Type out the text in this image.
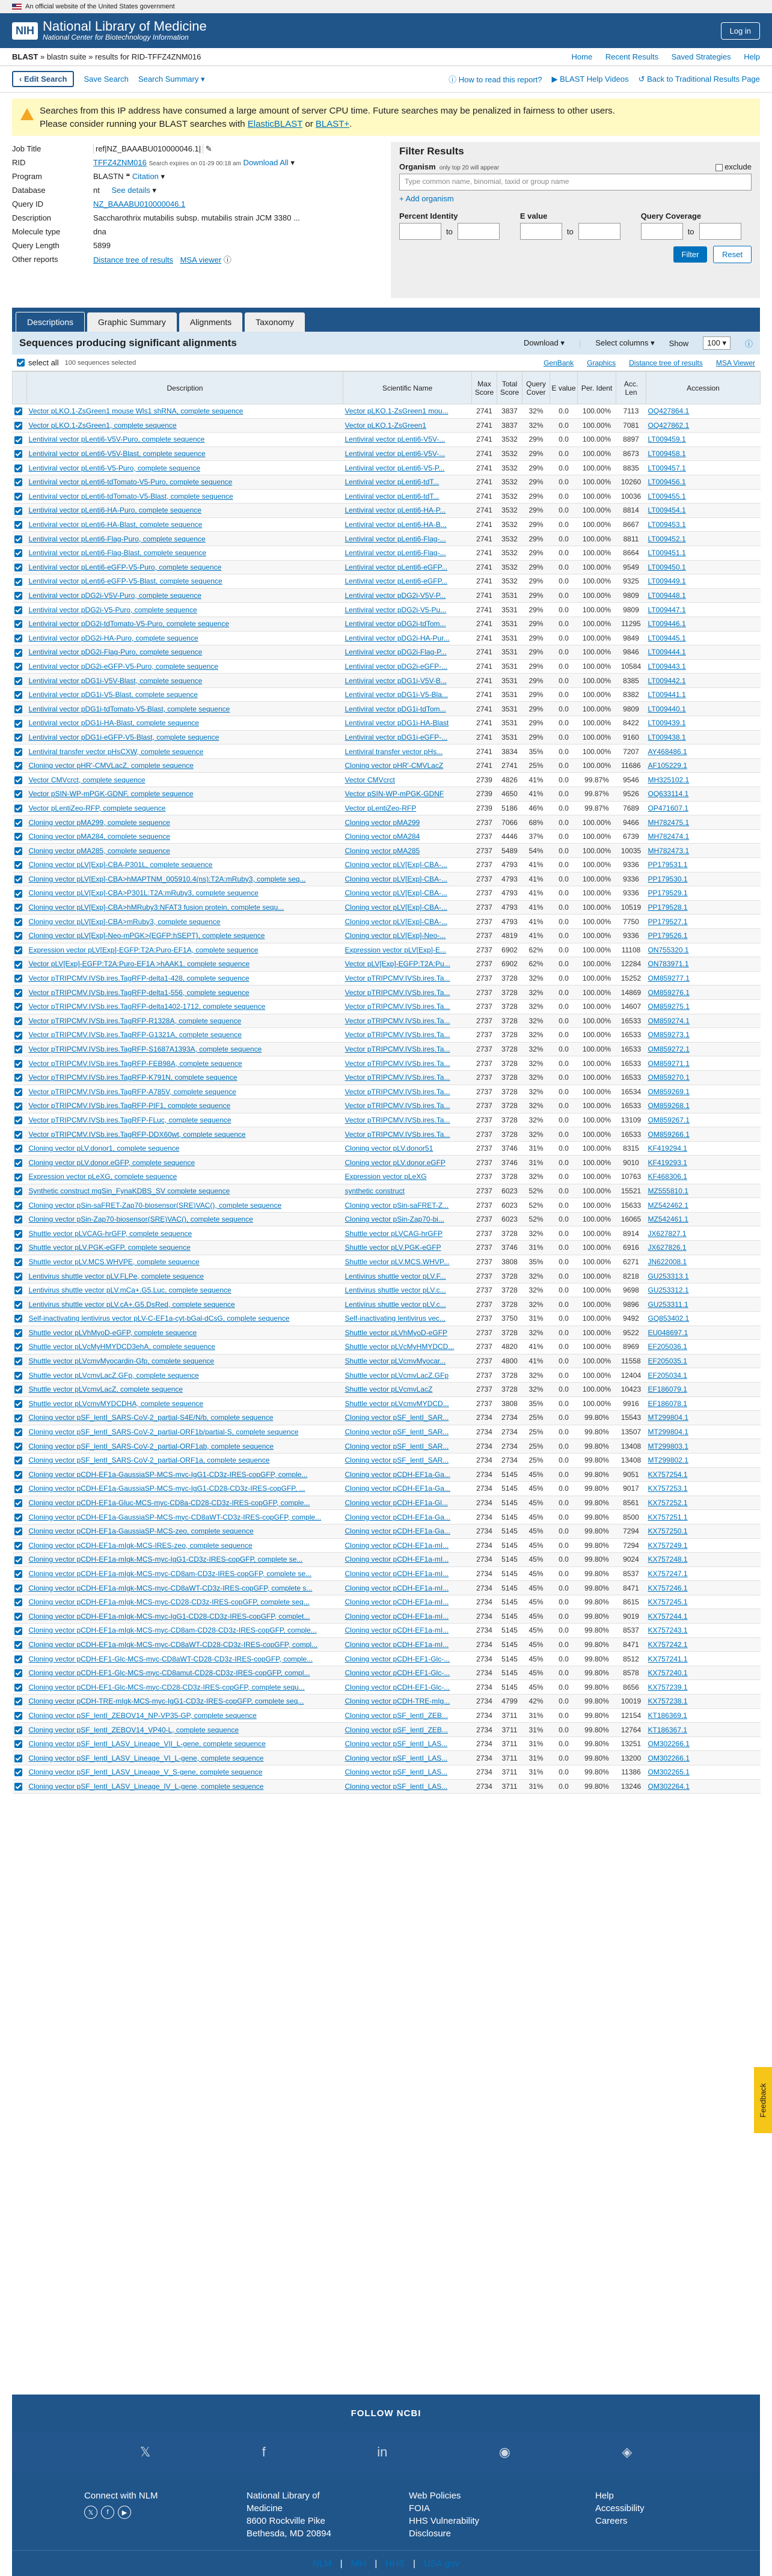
An official website of the United States government
NIH National Library of Medicine
National Center for Biotechnology Information
Log in
BLAST » blastn suite » results for RID-TFFZ4ZNM016	Home Recent Results Saved Strategies Help
‹ Edit Search	Save Search Search Summary ▾	ⓘ How to read this report? ▶ BLAST Help Videos ↺ Back to Traditional Results Page
Searches from this IP address have consumed a large amount of server CPU time. Future searches may be penalized in fairness to other users.
Please consider running your BLAST searches with ElasticBLAST or BLAST+.
Job Title	ref|NZ_BAAABU010000046.1| ✎
RID	TFFZ4ZNM016 Search expires on 01-29 00:18 am Download All ▾
Program	BLASTN ❝ Citation ▾
Database	nt See details ▾
Query ID	NZ_BAAABU010000046.1
Description	Saccharothrix mutabilis subsp. mutabilis strain JCM 3380 ...
Molecule type	dna
Query Length	5899
Other reports	Distance tree of results MSA viewer ⓘ
Filter Results
Organism only top 20 will appear	exclude
Type common name, binomial, taxid or group name
+ Add organism
Percent Identity
to
E value
to
Query Coverage
to
Filter	Reset
Descriptions	Graphic Summary	Alignments	Taxonomy
Sequences producing significant alignments	Download ▾ | Select columns ▾ Show	100 ▾	ⓘ
select all 100 sequences selected	GenBank Graphics Distance tree of results MSA Viewer
	Description	Scientific Name	Max Score	Total Score	Query Cover	E value	Per. Ident	Acc. Len	Accession
	Vector pLKO.1-ZsGreen1 mouse Wls1 shRNA, complete sequence	Vector pLKO.1-ZsGreen1 mou...	2741	3837	32%	0.0	100.00%	7113	OQ427864.1
	Vector pLKO.1-ZsGreen1, complete sequence	Vector pLKO.1-ZsGreen1	2741	3837	32%	0.0	100.00%	7081	OQ427862.1
	Lentiviral vector pLenti6-V5V-Puro, complete sequence	Lentiviral vector pLenti6-V5V-...	2741	3532	29%	0.0	100.00%	8897	LT009459.1
	Lentiviral vector pLenti6-V5V-Blast, complete sequence	Lentiviral vector pLenti6-V5V-...	2741	3532	29%	0.0	100.00%	8673	LT009458.1
	Lentiviral vector pLenti6-V5-Puro, complete sequence	Lentiviral vector pLenti6-V5-P...	2741	3532	29%	0.0	100.00%	8835	LT009457.1
	Lentiviral vector pLenti6-tdTomato-V5-Puro, complete sequence	Lentiviral vector pLenti6-tdT...	2741	3532	29%	0.0	100.00%	10260	LT009456.1
	Lentiviral vector pLenti6-tdTomato-V5-Blast, complete sequence	Lentiviral vector pLenti6-tdT...	2741	3532	29%	0.0	100.00%	10036	LT009455.1
	Lentiviral vector pLenti6-HA-Puro, complete sequence	Lentiviral vector pLenti6-HA-P...	2741	3532	29%	0.0	100.00%	8814	LT009454.1
	Lentiviral vector pLenti6-HA-Blast, complete sequence	Lentiviral vector pLenti6-HA-B...	2741	3532	29%	0.0	100.00%	8667	LT009453.1
	Lentiviral vector pLenti6-Flag-Puro, complete sequence	Lentiviral vector pLenti6-Flag-...	2741	3532	29%	0.0	100.00%	8811	LT009452.1
	Lentiviral vector pLenti6-Flag-Blast, complete sequence	Lentiviral vector pLenti6-Flag-...	2741	3532	29%	0.0	100.00%	8664	LT009451.1
	Lentiviral vector pLenti6-eGFP-V5-Puro, complete sequence	Lentiviral vector pLenti6-eGFP...	2741	3532	29%	0.0	100.00%	9549	LT009450.1
	Lentiviral vector pLenti6-eGFP-V5-Blast, complete sequence	Lentiviral vector pLenti6-eGFP...	2741	3532	29%	0.0	100.00%	9325	LT009449.1
	Lentiviral vector pDG2i-V5V-Puro, complete sequence	Lentiviral vector pDG2i-V5V-P...	2741	3531	29%	0.0	100.00%	9809	LT009448.1
	Lentiviral vector pDG2i-V5-Puro, complete sequence	Lentiviral vector pDG2i-V5-Pu...	2741	3531	29%	0.0	100.00%	9809	LT009447.1
	Lentiviral vector pDG2i-tdTomato-V5-Puro, complete sequence	Lentiviral vector pDG2i-tdTom...	2741	3531	29%	0.0	100.00%	11295	LT009446.1
	Lentiviral vector pDG2i-HA-Puro, complete sequence	Lentiviral vector pDG2i-HA-Pur...	2741	3531	29%	0.0	100.00%	9849	LT009445.1
	Lentiviral vector pDG2i-Flag-Puro, complete sequence	Lentiviral vector pDG2i-Flag-P...	2741	3531	29%	0.0	100.00%	9846	LT009444.1
	Lentiviral vector pDG2i-eGFP-V5-Puro, complete sequence	Lentiviral vector pDG2i-eGFP-...	2741	3531	29%	0.0	100.00%	10584	LT009443.1
	Lentiviral vector pDG1i-V5V-Blast, complete sequence	Lentiviral vector pDG1i-V5V-B...	2741	3531	29%	0.0	100.00%	8385	LT009442.1
	Lentiviral vector pDG1i-V5-Blast, complete sequence	Lentiviral vector pDG1i-V5-Bla...	2741	3531	29%	0.0	100.00%	8382	LT009441.1
	Lentiviral vector pDG1i-tdTomato-V5-Blast, complete sequence	Lentiviral vector pDG1i-tdTom...	2741	3531	29%	0.0	100.00%	9809	LT009440.1
	Lentiviral vector pDG1i-HA-Blast, complete sequence	Lentiviral vector pDG1i-HA-Blast	2741	3531	29%	0.0	100.00%	8422	LT009439.1
	Lentiviral vector pDG1i-eGFP-V5-Blast, complete sequence	Lentiviral vector pDG1i-eGFP-...	2741	3531	29%	0.0	100.00%	9160	LT009438.1
	Lentiviral transfer vector pHsCXW, complete sequence	Lentiviral transfer vector pHs...	2741	3834	35%	0.0	100.00%	7207	AY468486.1
	Cloning vector pHR'-CMVLacZ, complete sequence	Cloning vector pHR'-CMVLacZ	2741	2741	25%	0.0	100.00%	11686	AF105229.1
	Vector CMVcrct, complete sequence	Vector CMVcrct	2739	4826	41%	0.0	99.87%	9546	MH325102.1
	Vector pSIN-WP-mPGK-GDNF, complete sequence	Vector pSIN-WP-mPGK-GDNF	2739	4650	41%	0.0	99.87%	9526	OQ633114.1
	Vector pLentiZeo-RFP, complete sequence	Vector pLentiZeo-RFP	2739	5186	46%	0.0	99.87%	7689	OP471607.1
	Cloning vector pMA299, complete sequence	Cloning vector pMA299	2737	7066	68%	0.0	100.00%	9466	MH782475.1
	Cloning vector pMA284, complete sequence	Cloning vector pMA284	2737	4446	37%	0.0	100.00%	6739	MH782474.1
	Cloning vector pMA285, complete sequence	Cloning vector pMA285	2737	5489	54%	0.0	100.00%	10035	MH782473.1
	Cloning vector pLV[Exp]-CBA-P301L, complete sequence	Cloning vector pLV[Exp]-CBA-...	2737	4793	41%	0.0	100.00%	9336	PP179531.1
	Cloning vector pLV[Exp]-CBA>hMAPTNM_005910.4(ns):T2A:mRuby3, complete seq...	Cloning vector pLV[Exp]-CBA-...	2737	4793	41%	0.0	100.00%	9336	PP179530.1
	Cloning vector pLV[Exp]-CBA>P301L:T2A:mRuby3, complete sequence	Cloning vector pLV[Exp]-CBA-...	2737	4793	41%	0.0	100.00%	9336	PP179529.1
	Cloning vector pLV[Exp]-CBA>hMRuby3:NFAT3 fusion protein, complete sequ...	Cloning vector pLV[Exp]-CBA-...	2737	4793	41%	0.0	100.00%	10519	PP179528.1
	Cloning vector pLV[Exp]-CBA>mRuby3, complete sequence	Cloning vector pLV[Exp]-CBA-...	2737	4793	41%	0.0	100.00%	7750	PP179527.1
	Cloning vector pLV[Exp]-Neo-mPGK>{EGFP:hSEPT}, complete sequence	Cloning vector pLV[Exp]-Neo-...	2737	4819	41%	0.0	100.00%	9336	PP179526.1
	Expression vector pLV[Exp]-EGFP:T2A:Puro-EF1A, complete sequence	Expression vector pLV[Exp]-E...	2737	6902	62%	0.0	100.00%	11108	ON755320.1
	Vector pLV[Exp]-EGFP:T2A:Puro-EF1A >hAAK1, complete sequence	Vector pLV[Exp]-EGFP:T2A:Pu...	2737	6902	62%	0.0	100.00%	12284	ON783971.1
	Vector pTRIPCMV.IVSb.ires.TagRFP-delta1-428, complete sequence	Vector pTRIPCMV.IVSb.ires.Ta...	2737	3728	32%	0.0	100.00%	15252	OM859277.1
	Vector pTRIPCMV.IVSb.ires.TagRFP-delta1-556, complete sequence	Vector pTRIPCMV.IVSb.ires.Ta...	2737	3728	32%	0.0	100.00%	14869	OM859276.1
	Vector pTRIPCMV.IVSb.ires.TagRFP-delta1402-1712, complete sequence	Vector pTRIPCMV.IVSb.ires.Ta...	2737	3728	32%	0.0	100.00%	14607	OM859275.1
	Vector pTRIPCMV.IVSb.ires.TagRFP-R1328A, complete sequence	Vector pTRIPCMV.IVSb.ires.Ta...	2737	3728	32%	0.0	100.00%	16533	OM859274.1
	Vector pTRIPCMV.IVSb.ires.TagRFP-G1321A, complete sequence	Vector pTRIPCMV.IVSb.ires.Ta...	2737	3728	32%	0.0	100.00%	16533	OM859273.1
	Vector pTRIPCMV.IVSb.ires.TagRFP-S1687A1393A, complete sequence	Vector pTRIPCMV.IVSb.ires.Ta...	2737	3728	32%	0.0	100.00%	16533	OM859272.1
	Vector pTRIPCMV.IVSb.ires.TagRFP-FEB98A, complete sequence	Vector pTRIPCMV.IVSb.ires.Ta...	2737	3728	32%	0.0	100.00%	16533	OM859271.1
	Vector pTRIPCMV.IVSb.ires.TagRFP-K791N, complete sequence	Vector pTRIPCMV.IVSb.ires.Ta...	2737	3728	32%	0.0	100.00%	16533	OM859270.1
	Vector pTRIPCMV.IVSb.ires.TagRFP-A785V, complete sequence	Vector pTRIPCMV.IVSb.ires.Ta...	2737	3728	32%	0.0	100.00%	16534	OM859269.1
	Vector pTRIPCMV.IVSb.ires.TagRFP-PIF1, complete sequence	Vector pTRIPCMV.IVSb.ires.Ta...	2737	3728	32%	0.0	100.00%	16533	OM859268.1
	Vector pTRIPCMV.IVSb.ires.TagRFP-FLuc, complete sequence	Vector pTRIPCMV.IVSb.ires.Ta...	2737	3728	32%	0.0	100.00%	13109	OM859267.1
	Vector pTRIPCMV.IVSb.ires.TagRFP-DDX60wt, complete sequence	Vector pTRIPCMV.IVSb.ires.Ta...	2737	3728	32%	0.0	100.00%	16533	OM859266.1
	Cloning vector pLV.donor1, complete sequence	Cloning vector pLV.donor51	2737	3746	31%	0.0	100.00%	8315	KF419294.1
	Cloning vector pLV.donor.eGFP, complete sequence	Cloning vector pLV.donor.eGFP	2737	3746	31%	0.0	100.00%	9010	KF419293.1
	Expression vector pLeXG, complete sequence	Expression vector pLeXG	2737	3728	32%	0.0	100.00%	10763	KF468306.1
	Synthetic construct mgSin_FynaKDBS_SV complete sequence	synthetic construct	2737	6023	52%	0.0	100.00%	15521	MZ555810.1
	Cloning vector pSin-saFRET-Zap70-biosensor(SRE)VAC(), complete sequence	Cloning vector pSin-saFRET-Z...	2737	6023	52%	0.0	100.00%	15633	MZ542462.1
	Cloning vector pSin-Zap70-biosensor(SRE)VAC(), complete sequence	Cloning vector pSin-Zap70-bi...	2737	6023	52%	0.0	100.00%	16065	MZ542461.1
	Shuttle vector pLVCAG-hrGFP, complete sequence	Shuttle vector pLVCAG-hrGFP	2737	3728	32%	0.0	100.00%	8914	JX627827.1
	Shuttle vector pLV.PGK-eGFP, complete sequence	Shuttle vector pLV.PGK-eGFP	2737	3746	31%	0.0	100.00%	6916	JX627826.1
	Shuttle vector pLV.MCS.WHVPE, complete sequence	Shuttle vector pLV.MCS.WHVP...	2737	3808	35%	0.0	100.00%	6271	JN622008.1
	Lentivirus shuttle vector pLV.FLPe, complete sequence	Lentivirus shuttle vector pLV.F...	2737	3728	32%	0.0	100.00%	8218	GU253313.1
	Lentivirus shuttle vector pLV.mCa+.G5.Luc, complete sequence	Lentivirus shuttle vector pLV.c...	2737	3728	32%	0.0	100.00%	9698	GU253312.1
	Lentivirus shuttle vector pLV.cA+.G5.DsRed, complete sequence	Lentivirus shuttle vector pLV.c...	2737	3728	32%	0.0	100.00%	9896	GU253311.1
	Self-inactivating lentivirus vector pLV-C-EF1a-cyt-bGal-dCsG, complete sequence	Self-inactivating lentivirus vec...	2737	3750	31%	0.0	100.00%	9492	GQ853402.1
	Shuttle vector pLVhMyoD-eGFP, complete sequence	Shuttle vector pLVhMyoD-eGFP	2737	3728	32%	0.0	100.00%	9522	EU048697.1
	Shuttle vector pLVcMyHMYDCD3ehA, complete sequence	Shuttle vector pLVcMyHMYDCD...	2737	4820	41%	0.0	100.00%	8969	EF205036.1
	Shuttle vector pLVcmvMyocardin-Gfp, complete sequence	Shuttle vector pLVcmvMyocar...	2737	4800	41%	0.0	100.00%	11558	EF205035.1
	Shuttle vector pLVcmvLacZ.GFp, complete sequence	Shuttle vector pLVcmvLacZ.GFp	2737	3728	32%	0.0	100.00%	12404	EF205034.1
	Shuttle vector pLVcmvLacZ, complete sequence	Shuttle vector pLVcmvLacZ	2737	3728	32%	0.0	100.00%	10423	EF186079.1
	Shuttle vector pLVcmvMYDCDHA, complete sequence	Shuttle vector pLVcmvMYDCD...	2737	3808	35%	0.0	100.00%	9916	EF186078.1
	Cloning vector pSF_lentI_SARS-CoV-2_partial-S4E/N/b, complete sequence	Cloning vector pSF_lentI_SAR...	2734	2734	25%	0.0	99.80%	15543	MT299804.1
	Cloning vector pSF_lentI_SARS-CoV-2_partial-ORF1b/partial-S, complete sequence	Cloning vector pSF_lentI_SAR...	2734	2734	25%	0.0	99.80%	13507	MT299804.1
	Cloning vector pSF_lentI_SARS-CoV-2_partial-ORF1ab, complete sequence	Cloning vector pSF_lentI_SAR...	2734	2734	25%	0.0	99.80%	13408	MT299803.1
	Cloning vector pSF_lentI_SARS-CoV-2_partial-ORF1a, complete sequence	Cloning vector pSF_lentI_SAR...	2734	2734	25%	0.0	99.80%	13408	MT299802.1
	Cloning vector pCDH-EF1a-GaussiaSP-MCS-myc-IgG1-CD3z-IRES-copGFP, comple...	Cloning vector pCDH-EF1a-Ga...	2734	5145	45%	0.0	99.80%	9051	KX757254.1
	Cloning vector pCDH-EF1a-GaussiaSP-MCS-myc-IgG1-CD28-CD3z-IRES-copGFP, ...	Cloning vector pCDH-EF1a-Ga...	2734	5145	45%	0.0	99.80%	9017	KX757253.1
	Cloning vector pCDH-EF1a-Gluc-MCS-myc-CD8a-CD28-CD3z-IRES-copGFP, comple...	Cloning vector pCDH-EF1a-Gl...	2734	5145	45%	0.0	99.80%	8561	KX757252.1
	Cloning vector pCDH-EF1a-GaussiaSP-MCS-myc-CD8aWT-CD3z-IRES-copGFP, comple...	Cloning vector pCDH-EF1a-Ga...	2734	5145	45%	0.0	99.80%	8500	KX757251.1
	Cloning vector pCDH-EF1a-GaussiaSP-MCS-zeo, complete sequence	Cloning vector pCDH-EF1a-Ga...	2734	5145	45%	0.0	99.80%	7294	KX757250.1
	Cloning vector pCDH-EF1a-mIgk-MCS-IRES-zeo, complete sequence	Cloning vector pCDH-EF1a-mI...	2734	5145	45%	0.0	99.80%	7294	KX757249.1
	Cloning vector pCDH-EF1a-mIgk-MCS-myc-IgG1-CD3z-IRES-copGFP, complete se...	Cloning vector pCDH-EF1a-mI...	2734	5145	45%	0.0	99.80%	9024	KX757248.1
	Cloning vector pCDH-EF1a-mIgk-MCS-myc-CD8am-CD3z-IRES-copGFP, complete se...	Cloning vector pCDH-EF1a-mI...	2734	5145	45%	0.0	99.80%	8537	KX757247.1
	Cloning vector pCDH-EF1a-mIgk-MCS-myc-CD8aWT-CD3z-IRES-copGFP, complete s...	Cloning vector pCDH-EF1a-mI...	2734	5145	45%	0.0	99.80%	8471	KX757246.1
	Cloning vector pCDH-EF1a-mIgk-MCS-myc-CD28-CD3z-IRES-copGFP, complete seq...	Cloning vector pCDH-EF1a-mI...	2734	5145	45%	0.0	99.80%	8615	KX757245.1
	Cloning vector pCDH-EF1a-mIgk-MCS-myc-IgG1-CD28-CD3z-IRES-copGFP, complet...	Cloning vector pCDH-EF1a-mI...	2734	5145	45%	0.0	99.80%	9019	KX757244.1
	Cloning vector pCDH-EF1a-mIgk-MCS-myc-CD8am-CD28-CD3z-IRES-copGFP, comple...	Cloning vector pCDH-EF1a-mI...	2734	5145	45%	0.0	99.80%	8537	KX757243.1
	Cloning vector pCDH-EF1a-mIgk-MCS-myc-CD8aWT-CD28-CD3z-IRES-copGFP, compl...	Cloning vector pCDH-EF1a-mI...	2734	5145	45%	0.0	99.80%	8471	KX757242.1
	Cloning vector pCDH-EF1-Glc-MCS-myc-CD8aWT-CD28-CD3z-IRES-copGFP, comple...	Cloning vector pCDH-EF1-Glc-...	2734	5145	45%	0.0	99.80%	8512	KX757241.1
	Cloning vector pCDH-EF1-Glc-MCS-myc-CD8amut-CD28-CD3z-IRES-copGFP, compl...	Cloning vector pCDH-EF1-Glc-...	2734	5145	45%	0.0	99.80%	8578	KX757240.1
	Cloning vector pCDH-EF1-Glc-MCS-myc-CD28-CD3z-IRES-copGFP, complete sequ...	Cloning vector pCDH-EF1-Glc-...	2734	5145	45%	0.0	99.80%	8656	KX757239.1
	Cloning vector pCDH-TRE-mIgk-MCS-myc-IgG1-CD3z-IRES-copGFP, complete seq...	Cloning vector pCDH-TRE-mIg...	2734	4799	42%	0.0	99.80%	10019	KX757238.1
	Cloning vector pSF_lentI_ZEBOV14_NP-VP35-GP, complete sequence	Cloning vector pSF_lentI_ZEB...	2734	3711	31%	0.0	99.80%	12154	KT186369.1
	Cloning vector pSF_lentI_ZEBOV14_VP40-L, complete sequence	Cloning vector pSF_lentI_ZEB...	2734	3711	31%	0.0	99.80%	12764	KT186367.1
	Cloning vector pSF_lentI_LASV_Lineage_VII_L-gene, complete sequence	Cloning vector pSF_lentI_LAS...	2734	3711	31%	0.0	99.80%	13251	OM302266.1
	Cloning vector pSF_lentI_LASV_Lineage_VI_L-gene, complete sequence	Cloning vector pSF_lentI_LAS...	2734	3711	31%	0.0	99.80%	13200	OM302266.1
	Cloning vector pSF_lentI_LASV_Lineage_V_S-gene, complete sequence	Cloning vector pSF_lentI_LAS...	2734	3711	31%	0.0	99.80%	11386	OM302265.1
	Cloning vector pSF_lentI_LASV_Lineage_IV_L-gene, complete sequence	Cloning vector pSF_lentI_LAS...	2734	3711	31%	0.0	99.80%	13246	OM302264.1
FOLLOW NCBI
𝕏	f	in	◉	◈
Connect with NLM
𝕏	f	▶
National Library of
Medicine
8600 Rockville Pike
Bethesda, MD 20894
Web Policies
FOIA
HHS Vulnerability
Disclosure
Help
Accessibility
Careers
NLM | NIH | HHS | USA.gov
Feedback
